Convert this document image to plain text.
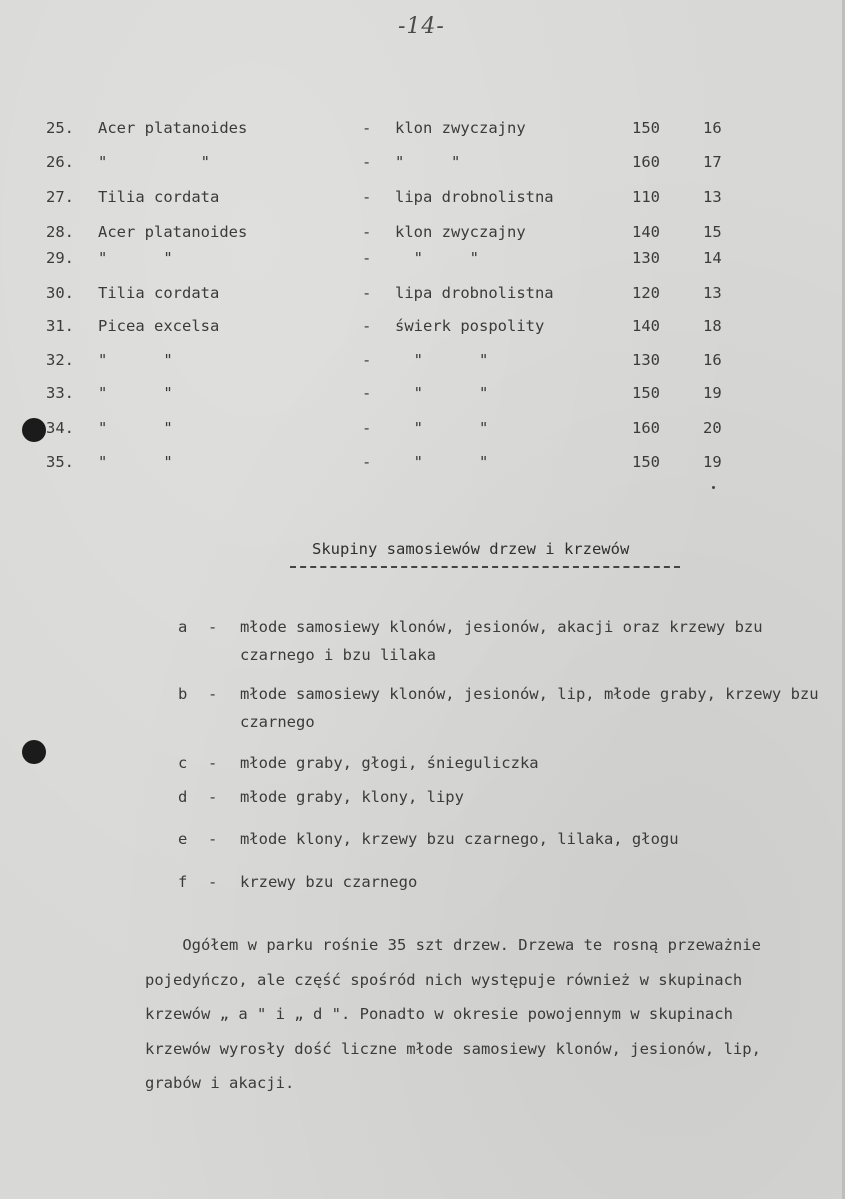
-14-
25. Acer platanoides	- klon zwyczajny	150	16
26. "          "	- "     "	160	17
27. Tilia cordata	- lipa drobnolistna	110	13
28. Acer platanoides	- klon zwyczajny	140	15
29. "      "	- "     "	130	14
30. Tilia cordata	- lipa drobnolistna	120	13
31. Picea excelsa	- świerk pospolity	140	18
32. "      "	- "      "	130	16
33. "      "	- "      "	150	19
34. "      "	- "      "	160	20
35. "      "	- "      "	150	19
Skupiny samosiewów drzew i krzewów
a - młode samosiewy klonów, jesionów, akacji oraz krzewy bzu czarnego i bzu lilaka
b - młode samosiewy klonów, jesionów, lip, młode graby, krzewy bzu czarnego
c - młode graby, głogi, śnieguliczka
d - młode graby, klony, lipy
e - młode klony, krzewy bzu czarnego, lilaka, głogu
f - krzewy bzu czarnego

Ogółem w parku rośnie 35 szt drzew. Drzewa te rosną przeważnie

pojedyńczo, ale część spośród nich występuje również w skupinach

krzewów „ a " i „ d ". Ponadto w okresie powojennym w skupinach

krzewów wyrosły dość liczne młode samosiewy klonów, jesionów, lip,

grabów i akacji.
